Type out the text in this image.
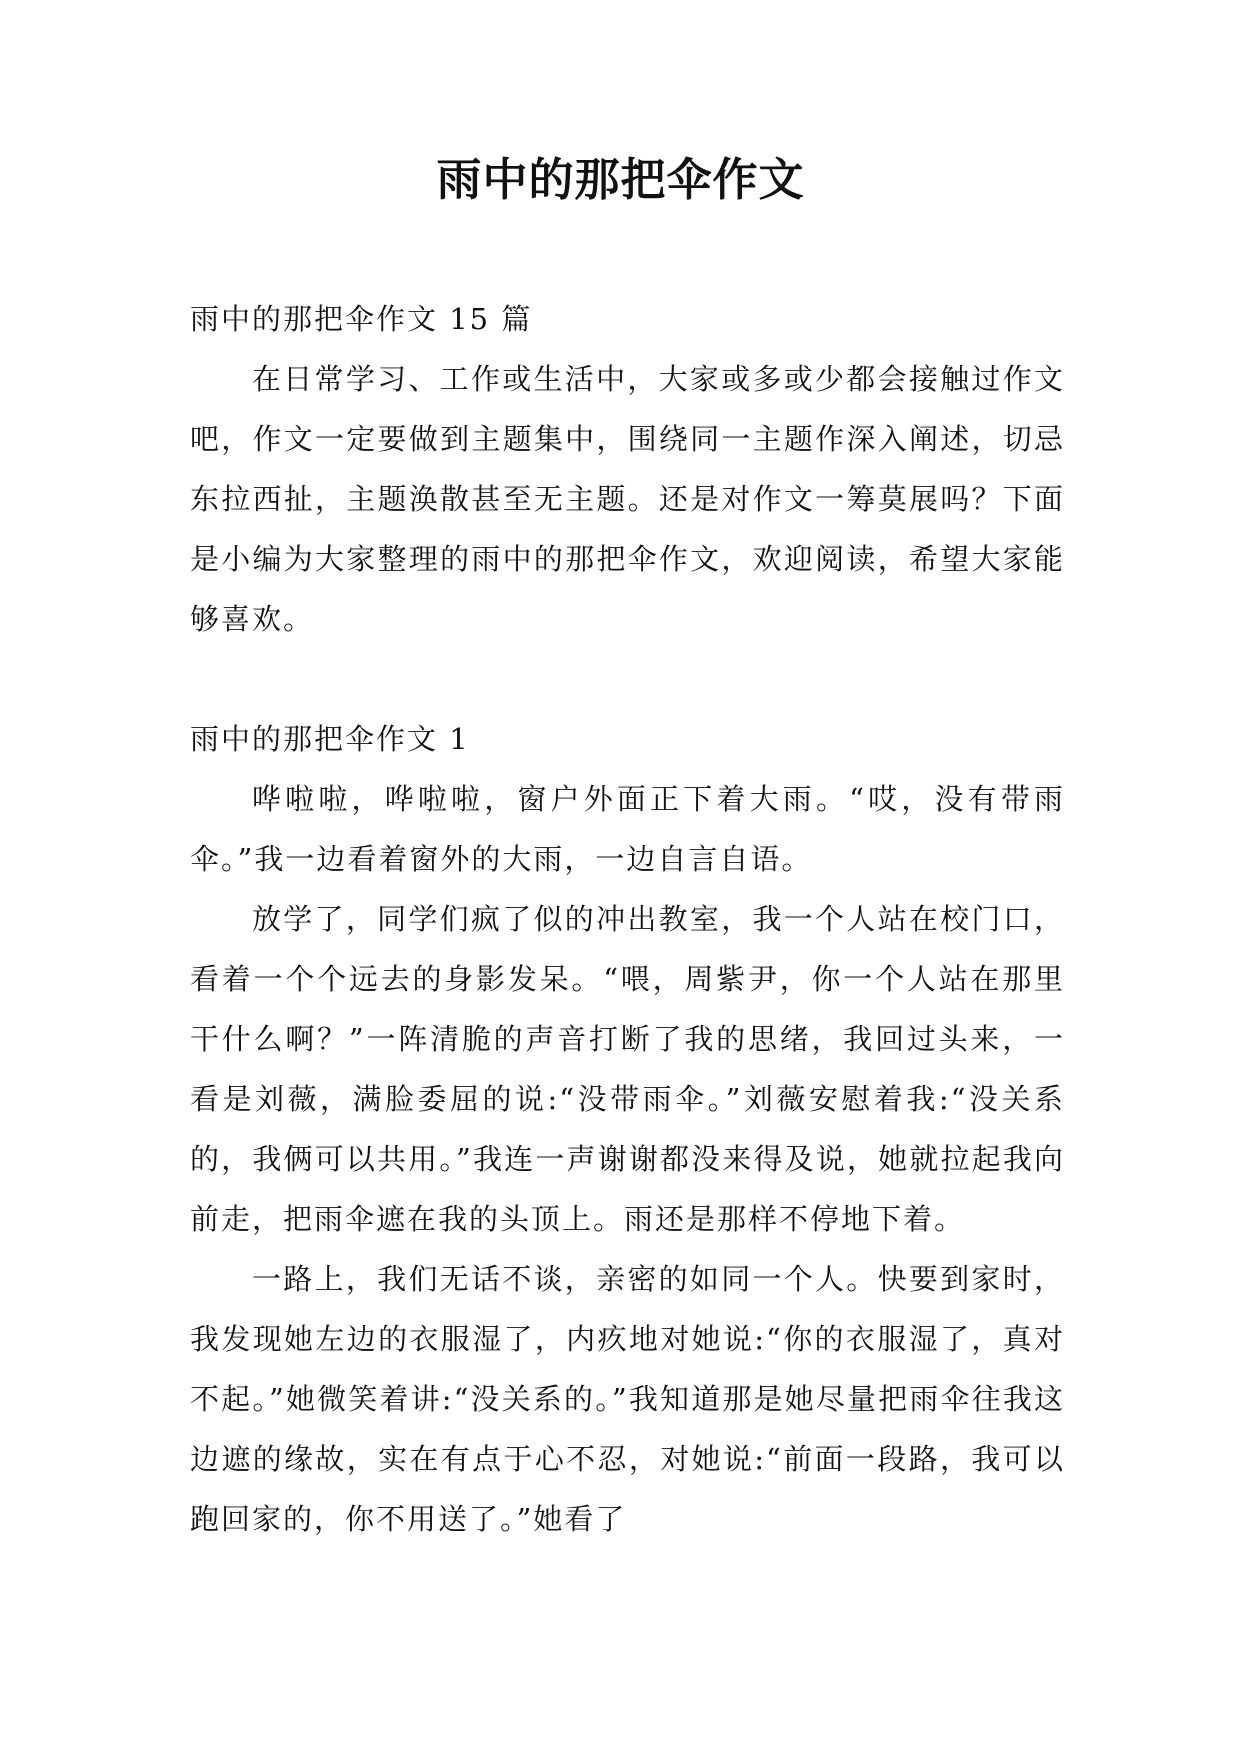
雨中的那把伞作文

雨中的那把伞作文 15 篇

在日常学习、工作或生活中，大家或多或少都会接触过作文吧，作文一定要做到主题集中，围绕同一主题作深入阐述，切忌东拉西扯，主题涣散甚至无主题。还是对作文一筹莫展吗？下面是小编为大家整理的雨中的那把伞作文，欢迎阅读，希望大家能够喜欢。

雨中的那把伞作文 1

哗啦啦，哗啦啦，窗户外面正下着大雨。“哎，没有带雨伞。”我一边看着窗外的大雨，一边自言自语。

放学了，同学们疯了似的冲出教室，我一个人站在校门口，看着一个个远去的身影发呆。“喂，周紫尹，你一个人站在那里干什么啊？”一阵清脆的声音打断了我的思绪，我回过头来，一看是刘薇，满脸委屈的说:“没带雨伞。”刘薇安慰着我:“没关系的，我俩可以共用。”我连一声谢谢都没来得及说，她就拉起我向前走，把雨伞遮在我的头顶上。雨还是那样不停地下着。

一路上，我们无话不谈，亲密的如同一个人。快要到家时，我发现她左边的衣服湿了，内疚地对她说:“你的衣服湿了，真对不起。”她微笑着讲:“没关系的。”我知道那是她尽量把雨伞往我这边遮的缘故，实在有点于心不忍，对她说:“前面一段路，我可以跑回家的，你不用送了。”她看了
